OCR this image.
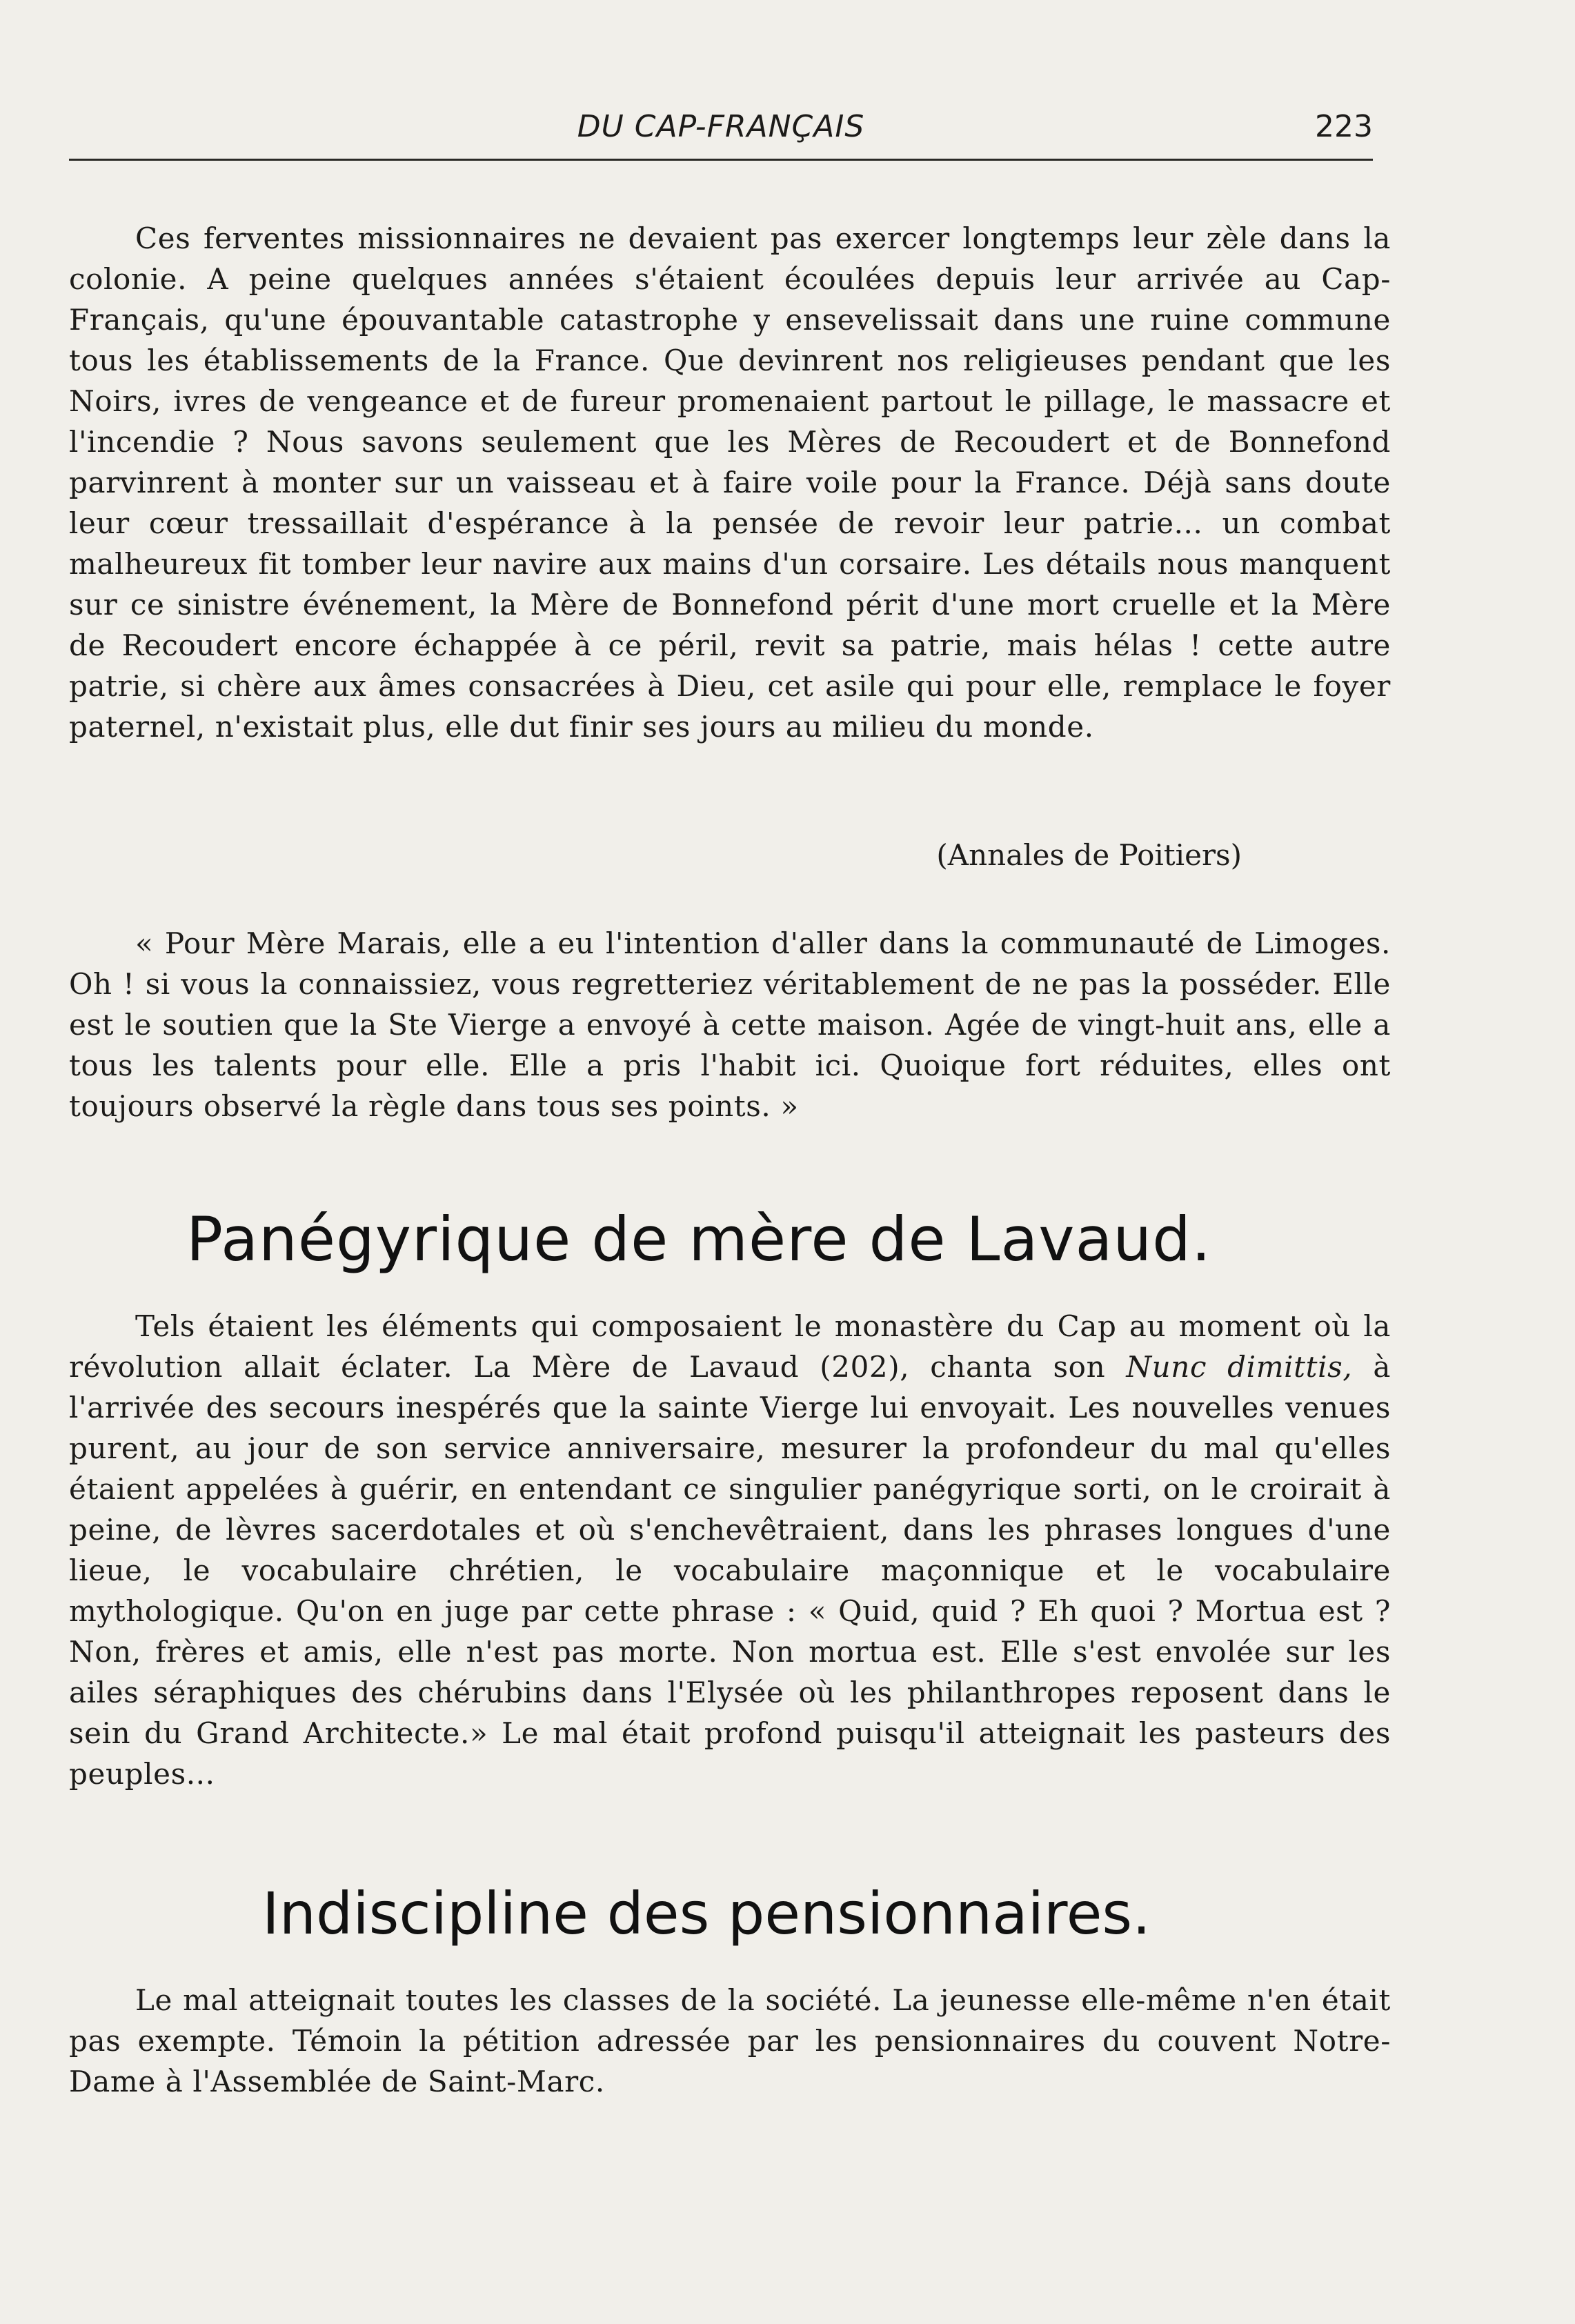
DU CAP-FRANÇAIS	223

Ces ferventes missionnaires ne devaient pas exercer longtemps leur zèle dans la colonie. A peine quelques années s'étaient écoulées depuis leur arrivée au Cap-Français, qu'une épouvantable catastrophe y ensevelissait dans une ruine commune tous les établissements de la France. Que devinrent nos religieuses pendant que les Noirs, ivres de vengeance et de fureur promenaient partout le pillage, le massacre et l'incendie ? Nous savons seulement que les Mères de Recoudert et de Bonnefond parvinrent à monter sur un vaisseau et à faire voile pour la France. Déjà sans doute leur cœur tressaillait d'espérance à la pensée de revoir leur patrie... un combat malheureux fit tomber leur navire aux mains d'un corsaire. Les détails nous manquent sur ce sinistre événement, la Mère de Bonnefond périt d'une mort cruelle et la Mère de Recoudert encore échappée à ce péril, revit sa patrie, mais hélas ! cette autre patrie, si chère aux âmes consacrées à Dieu, cet asile qui pour elle, remplace le foyer paternel, n'existait plus, elle dut finir ses jours au milieu du monde.

(Annales de Poitiers)

« Pour Mère Marais, elle a eu l'intention d'aller dans la communauté de Limoges. Oh ! si vous la connaissiez, vous regretteriez véritablement de ne pas la posséder. Elle est le soutien que la Ste Vierge a envoyé à cette maison. Agée de vingt-huit ans, elle a tous les talents pour elle. Elle a pris l'habit ici. Quoique fort réduites, elles ont toujours observé la règle dans tous ses points. »

Panégyrique de mère de Lavaud.

Tels étaient les éléments qui composaient le monastère du Cap au moment où la révolution allait éclater. La Mère de Lavaud (202), chanta son Nunc dimittis, à l'arrivée des secours inespérés que la sainte Vierge lui envoyait. Les nouvelles venues purent, au jour de son service anniversaire, mesurer la profondeur du mal qu'elles étaient appelées à guérir, en entendant ce singulier panégyrique sorti, on le croirait à peine, de lèvres sacerdotales et où s'enchevêtraient, dans les phrases longues d'une lieue, le vocabulaire chrétien, le vocabulaire maçonnique et le vocabulaire mythologique. Qu'on en juge par cette phrase : « Quid, quid ? Eh quoi ? Mortua est ? Non, frères et amis, elle n'est pas morte. Non mortua est. Elle s'est envolée sur les ailes séraphiques des chérubins dans l'Elysée où les philanthropes reposent dans le sein du Grand Architecte.» Le mal était profond puisqu'il atteignait les pasteurs des peuples...

Indiscipline des pensionnaires.

Le mal atteignait toutes les classes de la société. La jeunesse elle-même n'en était pas exempte. Témoin la pétition adressée par les pensionnaires du couvent Notre-Dame à l'Assemblée de Saint-Marc.
